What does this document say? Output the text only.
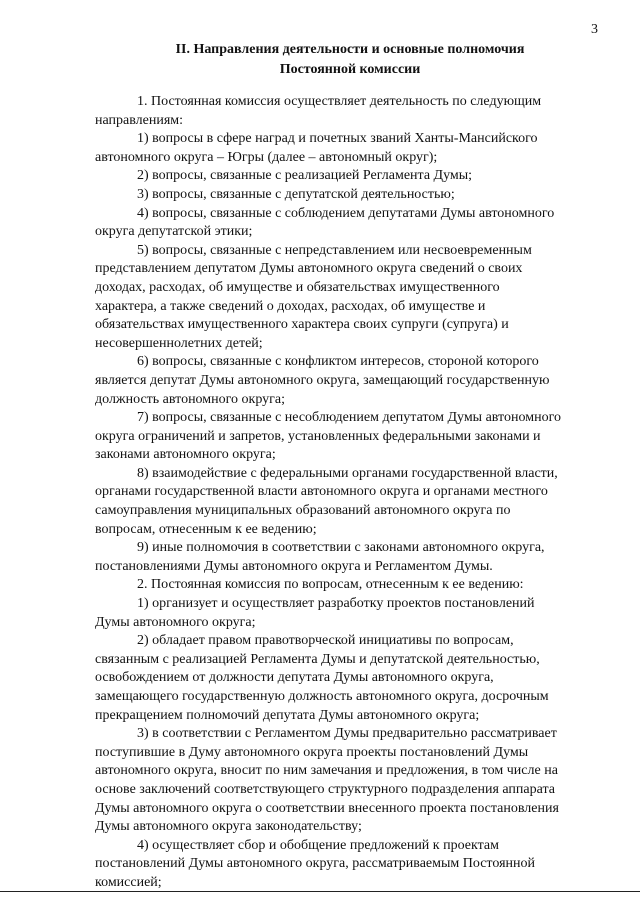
3
II. Направления деятельности и основные полномочия
Постоянной комиссии

1. Постоянная комиссия осуществляет деятельность по следующим
направлениям:

1) вопросы в сфере наград и почетных званий Ханты-Мансийского
автономного округа – Югры (далее – автономный округ);

2) вопросы, связанные с реализацией Регламента Думы;

3) вопросы, связанные с депутатской деятельностью;

4) вопросы, связанные с соблюдением депутатами Думы автономного
округа депутатской этики;

5) вопросы, связанные с непредставлением или несвоевременным
представлением депутатом Думы автономного округа сведений о своих
доходах, расходах, об имуществе и обязательствах имущественного
характера, а также сведений о доходах, расходах, об имуществе и
обязательствах имущественного характера своих супруги (супруга) и
несовершеннолетних детей;

6) вопросы, связанные с конфликтом интересов, стороной которого
является депутат Думы автономного округа, замещающий государственную
должность автономного округа;

7) вопросы, связанные с несоблюдением депутатом Думы автономного
округа ограничений и запретов, установленных федеральными законами и
законами автономного округа;

8) взаимодействие с федеральными органами государственной власти,
органами государственной власти автономного округа и органами местного
самоуправления муниципальных образований автономного округа по
вопросам, отнесенным к ее ведению;

9) иные полномочия в соответствии с законами автономного округа,
постановлениями Думы автономного округа и Регламентом Думы.

2. Постоянная комиссия по вопросам, отнесенным к ее ведению:

1) организует и осуществляет разработку проектов постановлений
Думы автономного округа;

2) обладает правом правотворческой инициативы по вопросам,
связанным с реализацией Регламента Думы и депутатской деятельностью,
освобождением от должности депутата Думы автономного округа,
замещающего государственную должность автономного округа, досрочным
прекращением полномочий депутата Думы автономного округа;

3) в соответствии с Регламентом Думы предварительно рассматривает
поступившие в Думу автономного округа проекты постановлений Думы
автономного округа, вносит по ним замечания и предложения, в том числе на
основе заключений соответствующего структурного подразделения аппарата
Думы автономного округа о соответствии внесенного проекта постановления
Думы автономного округа законодательству;

4) осуществляет сбор и обобщение предложений к проектам
постановлений Думы автономного округа, рассматриваемым Постоянной
комиссией;
